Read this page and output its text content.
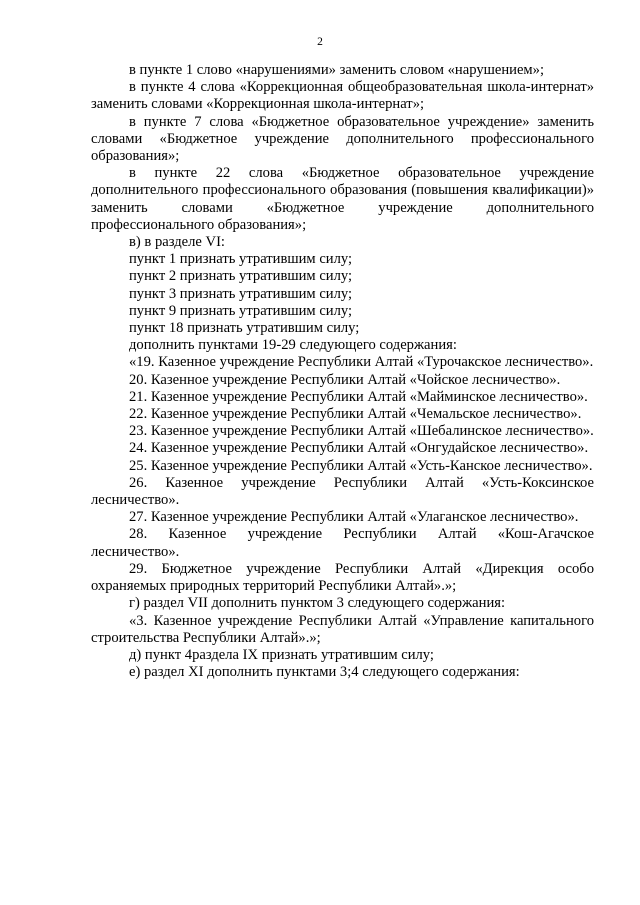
2

в пункте 1 слово «нарушениями» заменить словом «нарушением»;

в пункте 4 слова «Коррекционная общеобразовательная школа-интернат» заменить словами «Коррекционная школа-интернат»;

в пункте 7 слова «Бюджетное образовательное учреждение» заменить словами «Бюджетное учреждение дополнительного профессионального образования»;

в пункте 22 слова «Бюджетное образовательное учреждение дополнительного профессионального образования (повышения квалификации)» заменить словами «Бюджетное учреждение дополнительного профессионального образования»;

в) в разделе VI:

пункт 1 признать утратившим силу;

пункт 2 признать утратившим силу;

пункт 3 признать утратившим силу;

пункт 9 признать утратившим силу;

пункт 18 признать утратившим силу;

дополнить пунктами 19-29 следующего содержания:

«19. Казенное учреждение Республики Алтай «Турочакское лесничество».

20. Казенное учреждение Республики Алтай «Чойское лесничество».

21. Казенное учреждение Республики Алтай «Майминское лесничество».

22. Казенное учреждение Республики Алтай «Чемальское лесничество».

23. Казенное учреждение Республики Алтай «Шебалинское лесничество».

24. Казенное учреждение Республики Алтай «Онгудайское лесничество».

25. Казенное учреждение Республики Алтай «Усть-Канское лесничество».

26. Казенное учреждение Республики Алтай «Усть-Коксинское лесничество».

27. Казенное учреждение Республики Алтай «Улаганское лесничество».

28. Казенное учреждение Республики Алтай «Кош-Агачское лесничество».

29. Бюджетное учреждение Республики Алтай «Дирекция особо охраняемых природных территорий Республики Алтай».»;

г) раздел VII дополнить пунктом 3 следующего содержания:

«3. Казенное учреждение Республики Алтай «Управление капитального строительства Республики Алтай».»;

д) пункт 4раздела IX признать утратившим силу;

е) раздел XI дополнить пунктами 3;4 следующего содержания:
